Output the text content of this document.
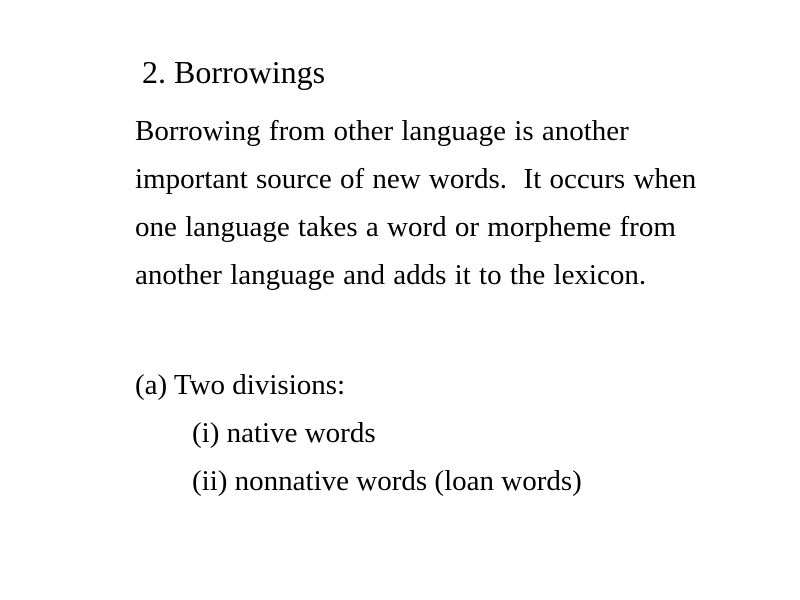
2. Borrowings
Borrowing from other language is another
important source of new words.  It occurs when
one language takes a word or morpheme from
another language and adds it to the lexicon.
(a) Two divisions:
(i) native words
(ii) nonnative words (loan words)
